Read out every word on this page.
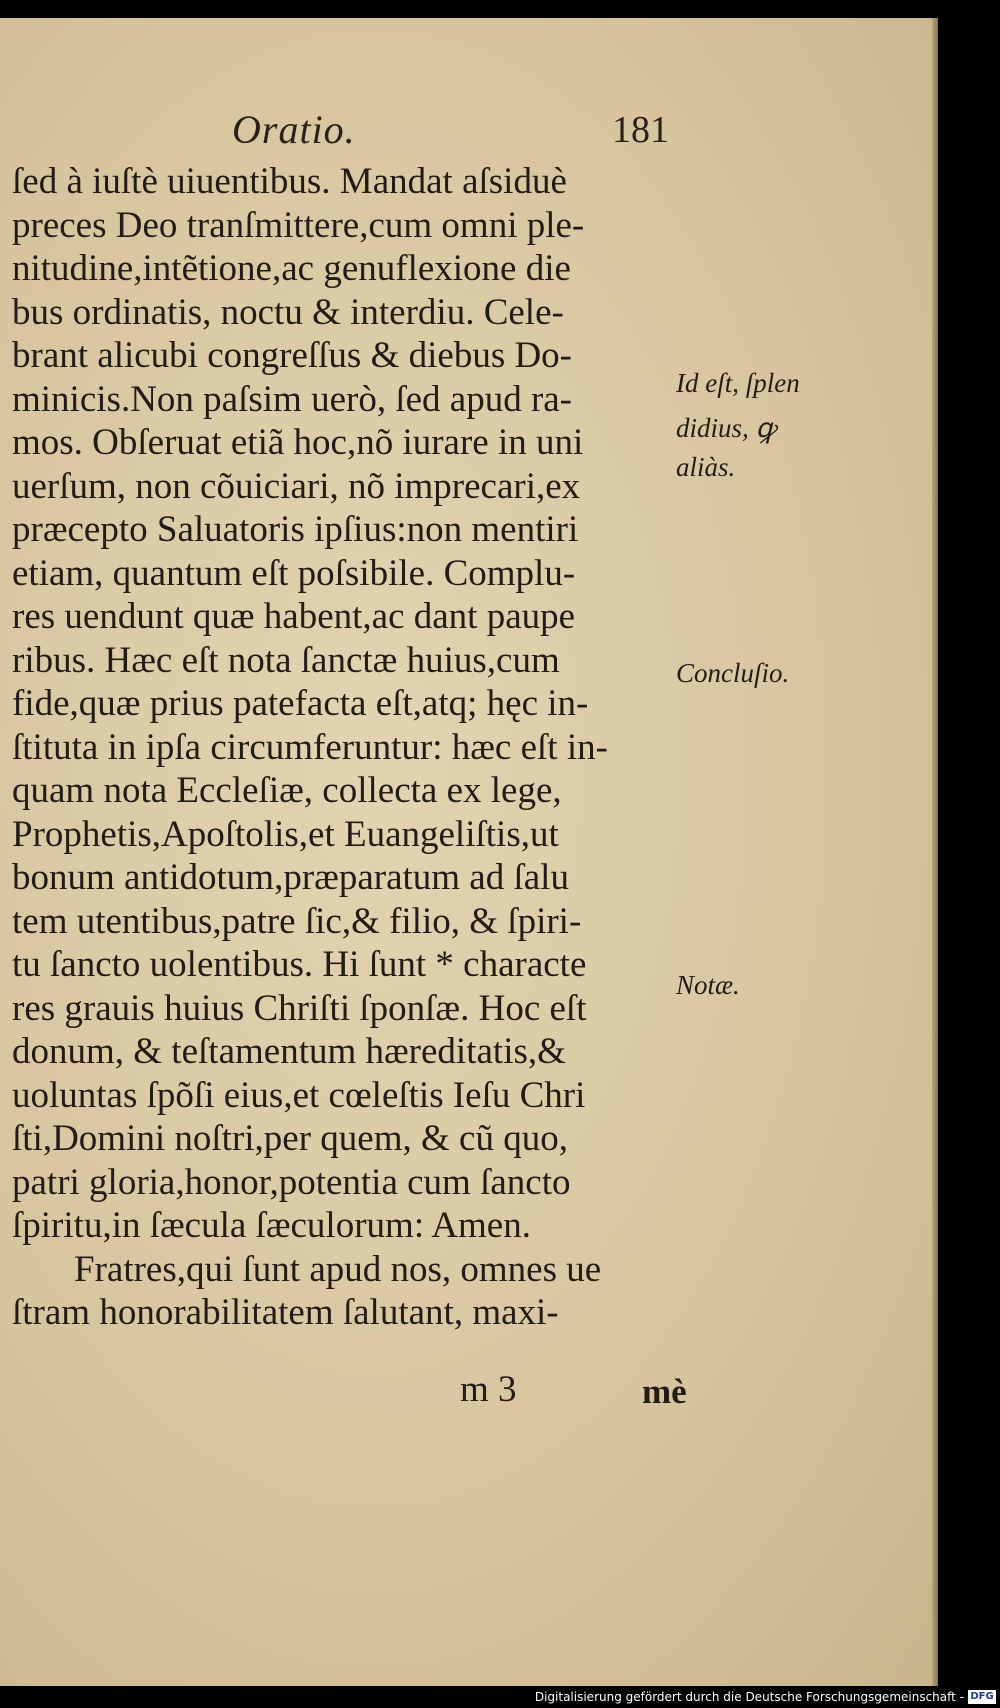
Oratio.	181
ſed à iuſtè uiuentibus. Mandat aſsiduè
preces Deo tranſmittere,cum omni ple-
nitudine,intẽtione,ac genuflexione die
bus ordinatis, noctu & interdiu. Cele-
brant alicubi congreſſus & diebus Do-
minicis.Non paſsim uerò, ſed apud ra-
mos. Obſeruat etiã hoc,nõ iurare in uni
uerſum, non cõuiciari, nõ imprecari,ex
præcepto Saluatoris ipſius:non mentiri
etiam, quantum eſt poſsibile. Complu-
res uendunt quæ habent,ac dant paupe
ribus. Hæc eſt nota ſanctæ huius,cum
fide,quæ prius patefacta eſt,atq; hęc in-
ſtituta in ipſa circumferuntur: hæc eſt in-
quam nota Eccleſiæ, collecta ex lege,
Prophetis,Apoſtolis,et Euangeliſtis,ut
bonum antidotum,præparatum ad ſalu
tem utentibus,patre ſic,& filio, & ſpiri-
tu ſancto uolentibus. Hi ſunt * characte
res grauis huius Chriſti ſponſæ. Hoc eſt
donum, & teſtamentum hæreditatis,&
uoluntas ſpõſi eius,et cœleſtis Ieſu Chri
ſti,Domini noſtri,per quem, & cũ quo,
patri gloria,honor,potentia cum ſancto
ſpiritu,in ſæcula ſæculorum: Amen.
Fratres,qui ſunt apud nos, omnes ue
ſtram honorabilitatem ſalutant, maxi-
Id eſt, ſplen
didius, ꝙ
aliàs.
Concluſio.
Notæ.
m 3	mè
Digitalisierung gefördert durch die Deutsche Forschungsgemeinschaft - DFG
